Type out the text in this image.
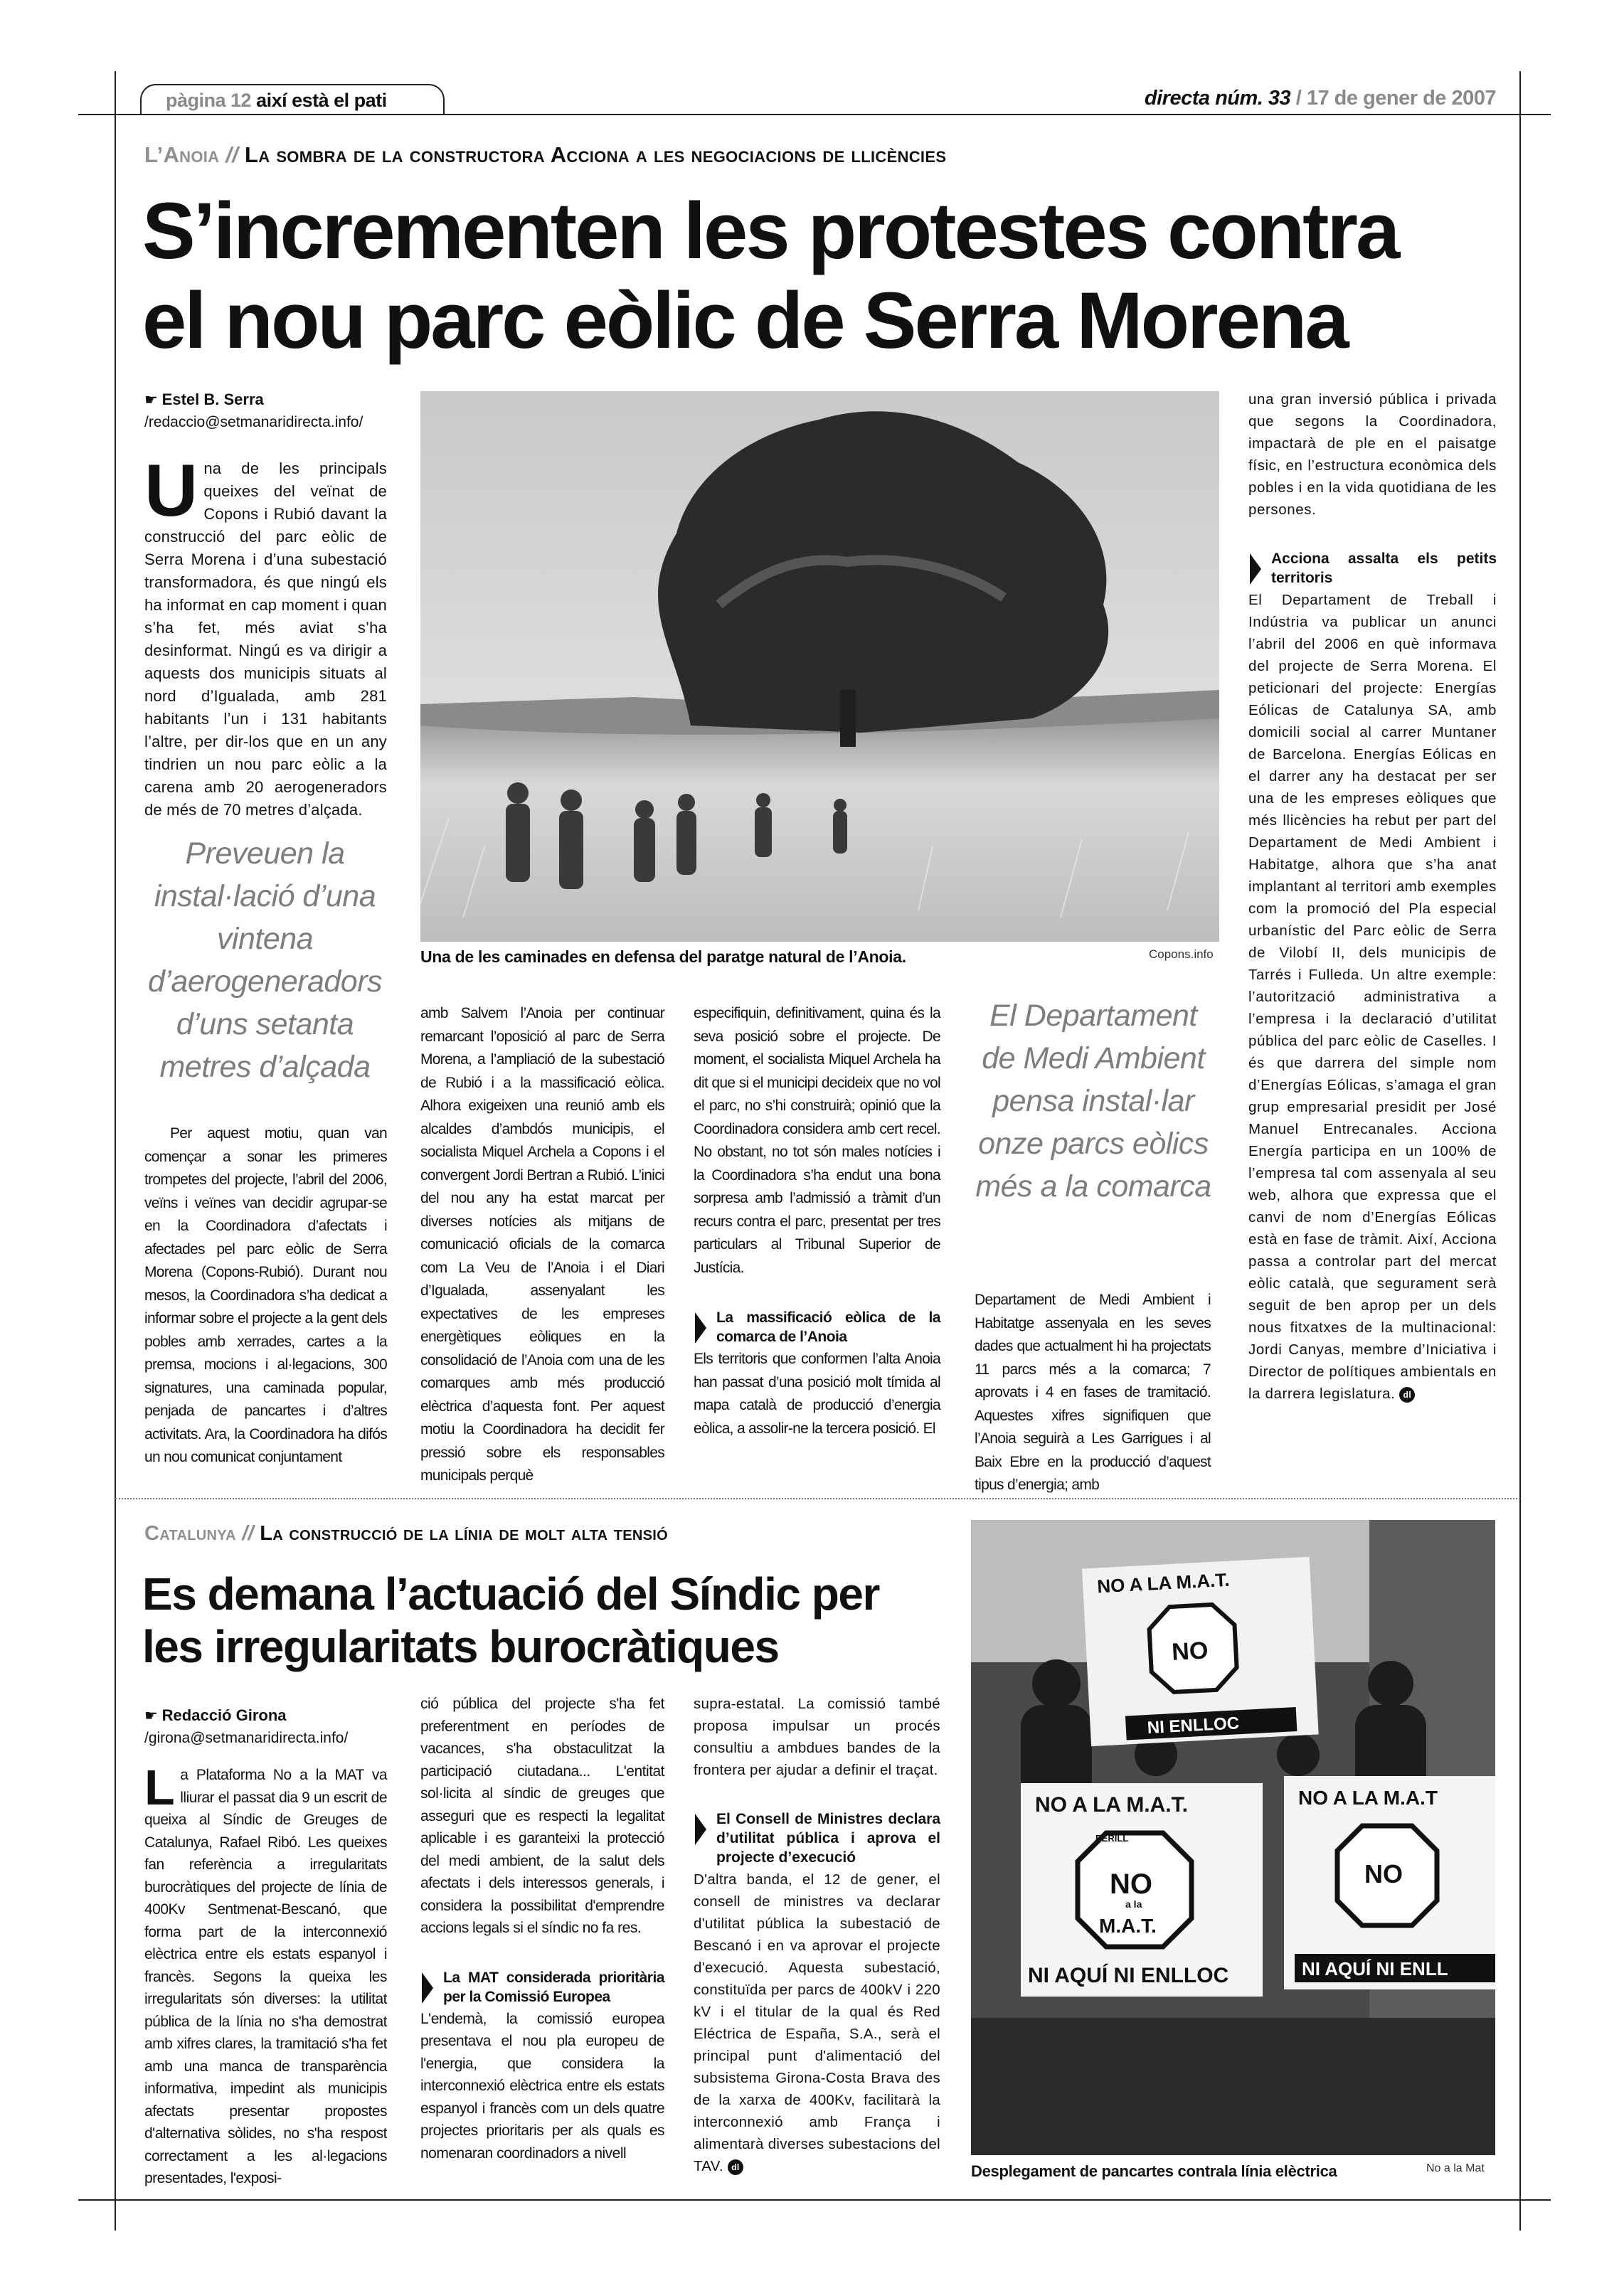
pàgina 12 així està el pati	directa núm. 33 / 17 de gener de 2007
L’Anoia // La sombra de la constructora Acciona a les negociacions de llicències
S’incrementen les protestes contra
el nou parc eòlic de Serra Morena
☛ Estel B. Serra
/redaccio@setmanaridirecta.info/
Una de les principals queixes del veïnat de Copons i Rubió davant la construcció del parc eòlic de Serra Morena i d’una subestació transformadora, és que ningú els ha informat en cap moment i quan s’ha fet, més aviat s’ha desinformat. Ningú es va dirigir a aquests dos municipis situats al nord d’Igualada, amb 281 habitants l’un i 131 habitants l’altre, per dir-los que en un any tindrien un nou parc eòlic a la carena amb 20 aerogeneradors de més de 70 metres d’alçada.
Preveuen la instal·lació d’una vintena d’aerogeneradors d’uns setanta metres d’alçada
Per aquest motiu, quan van començar a sonar les primeres trompetes del projecte, l’abril del 2006, veïns i veïnes van decidir agrupar-se en la Coordinadora d’afectats i afectades pel parc eòlic de Serra Morena (Copons-Rubió). Durant nou mesos, la Coordinadora s’ha dedicat a informar sobre el projecte a la gent dels pobles amb xerrades, cartes a la premsa, mocions i al·legacions, 300 signatures, una caminada popular, penjada de pancartes i d’altres activitats. Ara, la Coordinadora ha difós un nou comunicat conjuntament
Una de les caminades en defensa del paratge natural de l’Anoia.	Copons.info
amb Salvem l’Anoia per continuar remarcant l’oposició al parc de Serra Morena, a l’ampliació de la subestació de Rubió i a la massificació eòlica. Alhora exigeixen una reunió amb els alcaldes d’ambdós municipis, el socialista Miquel Archela a Copons i el convergent Jordi Bertran a Rubió. L’inici del nou any ha estat marcat per diverses notícies als mitjans de comunicació oficials de la comarca com La Veu de l’Anoia i el Diari d’Igualada, assenyalant les expectatives de les empreses energètiques eòliques en la consolidació de l’Anoia com una de les comarques amb més producció elèctrica d’aquesta font. Per aquest motiu la Coordinadora ha decidit fer pressió sobre els responsables municipals perquè
especifiquin, definitivament, quina és la seva posició sobre el projecte. De moment, el socialista Miquel Archela ha dit que si el municipi decideix que no vol el parc, no s’hi construirà; opinió que la Coordinadora considera amb cert recel. No obstant, no tot són males notícies i la Coordinadora s’ha endut una bona sorpresa amb l’admissió a tràmit d’un recurs contra el parc, presentat per tres particulars al Tribunal Superior de Justícia.
La massificació eòlica de la comarca de l’Anoia
Els territoris que conformen l’alta Anoia han passat d’una posició molt tímida al mapa català de producció d’energia eòlica, a assolir-ne la tercera posició. El
El Departament de Medi Ambient pensa instal·lar onze parcs eòlics més a la comarca
Departament de Medi Ambient i Habitatge assenyala en les seves dades que actualment hi ha projectats 11 parcs més a la comarca; 7 aprovats i 4 en fases de tramitació. Aquestes xifres signifiquen que l’Anoia seguirà a Les Garrigues i al Baix Ebre en la producció d’aquest tipus d’energia; amb
una gran inversió pública i privada que segons la Coordinadora, impactarà de ple en el paisatge físic, en l’estructura econòmica dels pobles i en la vida quotidiana de les persones.
Acciona assalta els petits territoris
El Departament de Treball i Indústria va publicar un anunci l’abril del 2006 en què informava del projecte de Serra Morena. El peticionari del projecte: Energías Eólicas de Catalunya SA, amb domicili social al carrer Muntaner de Barcelona. Energías Eólicas en el darrer any ha destacat per ser una de les empreses eòliques que més llicències ha rebut per part del Departament de Medi Ambient i Habitatge, alhora que s’ha anat implantant al territori amb exemples com la promoció del Pla especial urbanístic del Parc eòlic de Serra de Vilobí II, dels municipis de Tarrés i Fulleda. Un altre exemple: l’autorització administrativa a l’empresa i la declaració d’utilitat pública del parc eòlic de Caselles. I és que darrera del simple nom d’Energías Eólicas, s’amaga el gran grup empresarial presidit per José Manuel Entrecanales. Acciona Energía participa en un 100% de l’empresa tal com assenyala al seu web, alhora que expressa que el canvi de nom d’Energías Eólicas està en fase de tràmit. Així, Acciona passa a controlar part del mercat eòlic català, que segurament serà seguit de ben aprop per un dels nous fitxatxes de la multinacional: Jordi Canyas, membre d’Iniciativa i Director de polítiques ambientals en la darrera legislatura. dl
Catalunya // La construcció de la línia de molt alta tensió
Es demana l’actuació del Síndic per
les irregularitats burocràtiques
☛ Redacció Girona
/girona@setmanaridirecta.info/
La Plataforma No a la MAT va lliurar el passat dia 9 un escrit de queixa al Síndic de Greuges de Catalunya, Rafael Ribó. Les queixes fan referència a irregularitats burocràtiques del projecte de línia de 400Kv Sentmenat-Bescanó, que forma part de la interconnexió elèctrica entre els estats espanyol i francès. Segons la queixa les irregularitats són diverses: la utilitat pública de la línia no s'ha demostrat amb xifres clares, la tramitació s'ha fet amb una manca de transparència informativa, impedint als municipis afectats presentar propostes d'alternativa sòlides, no s'ha respost correctament a les al·legacions presentades, l'exposi-
ció pública del projecte s'ha fet preferentment en períodes de vacances, s'ha obstaculitzat la participació ciutadana... L'entitat sol·licita al síndic de greuges que asseguri que es respecti la legalitat aplicable i es garanteixi la protecció del medi ambient, de la salut dels afectats i dels interessos generals, i considera la possibilitat d'emprendre accions legals si el síndic no fa res.
La MAT considerada prioritària per la Comissió Europea
L'endemà, la comissió europea presentava el nou pla europeu de l'energia, que considera la interconnexió elèctrica entre els estats espanyol i francès com un dels quatre projectes prioritaris per als quals es nomenaran coordinadors a nivell
supra-estatal. La comissió també proposa impulsar un procés consultiu a ambdues bandes de la frontera per ajudar a definir el traçat.
El Consell de Ministres declara d’utilitat pública i aprova el projecte d’execució
D'altra banda, el 12 de gener, el consell de ministres va declarar d'utilitat pública la subestació de Bescanó i en va aprovar el projecte d'execució. Aquesta subestació, constituïda per parcs de 400kV i 220 kV i el titular de la qual és Red Eléctrica de España, S.A., serà el principal punt d'alimentació del subsistema Girona-Costa Brava des de la xarxa de 400Kv, facilitarà la interconnexió amb França i alimentarà diverses subestacions del TAV. dl
NO A LA M.A.T.
NO
NI ENLLOC
NO A LA M.A.T.
PERILL
NO
a la
M.A.T.
NI AQUÍ NI ENLLOC
NO A LA M.A.T
NO
NI AQUÍ NI ENLL
Desplegament de pancartes contrala línia elèctrica	No a la Mat
